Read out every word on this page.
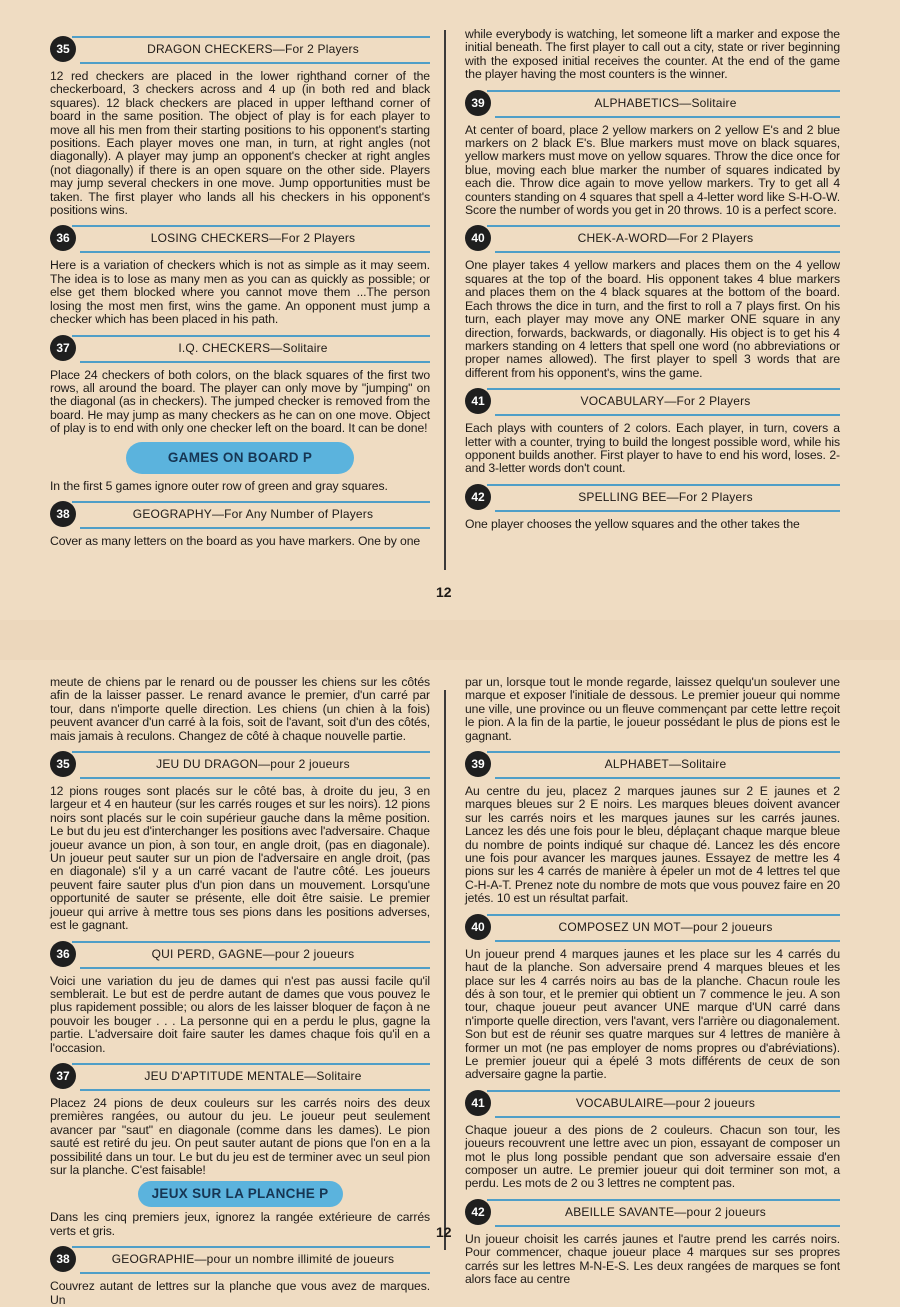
35	DRAGON CHECKERS—For 2 Players

12 red checkers are placed in the lower righthand corner of the checkerboard, 3 checkers across and 4 up (in both red and black squares). 12 black checkers are placed in upper lefthand corner of board in the same position. The object of play is for each player to move all his men from their starting positions to his opponent's starting positions. Each player moves one man, in turn, at right angles (not diagonally). A player may jump an opponent's checker at right angles (not diagonally) if there is an open square on the other side. Players may jump several checkers in one move. Jump opportunities must be taken. The first player who lands all his checkers in his opponent's positions wins.

36	LOSING CHECKERS—For 2 Players

Here is a variation of checkers which is not as simple as it may seem. The idea is to lose as many men as you can as quickly as possible; or else get them blocked where you cannot move them ...The person losing the most men first, wins the game. An opponent must jump a checker which has been placed in his path.

37	I.Q. CHECKERS—Solitaire

Place 24 checkers of both colors, on the black squares of the first two rows, all around the board. The player can only move by "jumping" on the diagonal (as in checkers). The jumped checker is removed from the board. He may jump as many checkers as he can on one move. Object of play is to end with only one checker left on the board. It can be done!

GAMES ON BOARD P

In the first 5 games ignore outer row of green and gray squares.

38	GEOGRAPHY—For Any Number of Players

Cover as many letters on the board as you have markers. One by one

12

while everybody is watching, let someone lift a marker and expose the initial beneath. The first player to call out a city, state or river beginning with the exposed initial receives the counter. At the end of the game the player having the most counters is the winner.

39	ALPHABETICS—Solitaire

At center of board, place 2 yellow markers on 2 yellow E's and 2 blue markers on 2 black E's. Blue markers must move on black squares, yellow markers must move on yellow squares. Throw the dice once for blue, moving each blue marker the number of squares indicated by each die. Throw dice again to move yellow markers. Try to get all 4 counters standing on 4 squares that spell a 4-letter word like S-H-O-W. Score the number of words you get in 20 throws. 10 is a perfect score.

40	CHEK-A-WORD—For 2 Players

One player takes 4 yellow markers and places them on the 4 yellow squares at the top of the board. His opponent takes 4 blue markers and places them on the 4 black squares at the bottom of the board. Each throws the dice in turn, and the first to roll a 7 plays first. On his turn, each player may move any ONE marker ONE square in any direction, forwards, backwards, or diagonally. His object is to get his 4 markers standing on 4 letters that spell one word (no abbreviations or proper names allowed). The first player to spell 3 words that are different from his opponent's, wins the game.

41	VOCABULARY—For 2 Players

Each plays with counters of 2 colors. Each player, in turn, covers a letter with a counter, trying to build the longest possible word, while his opponent builds another. First player to have to end his word, loses. 2-and 3-letter words don't count.

42	SPELLING BEE—For 2 Players

One player chooses the yellow squares and the other takes the

meute de chiens par le renard ou de pousser les chiens sur les côtés afin de la laisser passer. Le renard avance le premier, d'un carré par tour, dans n'importe quelle direction. Les chiens (un chien à la fois) peuvent avancer d'un carré à la fois, soit de l'avant, soit d'un des côtés, mais jamais à reculons. Changez de côté à chaque nouvelle partie.

35	JEU DU DRAGON—pour 2 joueurs

12 pions rouges sont placés sur le côté bas, à droite du jeu, 3 en largeur et 4 en hauteur (sur les carrés rouges et sur les noirs). 12 pions noirs sont placés sur le coin supérieur gauche dans la même position. Le but du jeu est d'interchanger les positions avec l'adversaire. Chaque joueur avance un pion, à son tour, en angle droit, (pas en diagonale). Un joueur peut sauter sur un pion de l'adversaire en angle droit, (pas en diagonale) s'il y a un carré vacant de l'autre côté. Les joueurs peuvent faire sauter plus d'un pion dans un mouvement. Lorsqu'une opportunité de sauter se présente, elle doit être saisie. Le premier joueur qui arrive à mettre tous ses pions dans les positions adverses, est le gagnant.

36	QUI PERD, GAGNE—pour 2 joueurs

Voici une variation du jeu de dames qui n'est pas aussi facile qu'il semblerait. Le but est de perdre autant de dames que vous pouvez le plus rapidement possible; ou alors de les laisser bloquer de façon à ne pouvoir les bouger . . . La personne qui en a perdu le plus, gagne la partie. L'adversaire doit faire sauter les dames chaque fois qu'il en a l'occasion.

37	JEU D'APTITUDE MENTALE—Solitaire

Placez 24 pions de deux couleurs sur les carrés noirs des deux premières rangées, ou autour du jeu. Le joueur peut seulement avancer par "saut" en diagonale (comme dans les dames). Le pion sauté est retiré du jeu. On peut sauter autant de pions que l'on en a la possibilité dans un tour. Le but du jeu est de terminer avec un seul pion sur la planche. C'est faisable!

JEUX SUR LA PLANCHE P

Dans les cinq premiers jeux, ignorez la rangée extérieure de carrés verts et gris.

38	GEOGRAPHIE—pour un nombre illimité de joueurs

Couvrez autant de lettres sur la planche que vous avez de marques. Un

12

par un, lorsque tout le monde regarde, laissez quelqu'un soulever une marque et exposer l'initiale de dessous. Le premier joueur qui nomme une ville, une province ou un fleuve commençant par cette lettre reçoit le pion. A la fin de la partie, le joueur possédant le plus de pions est le gagnant.

39	ALPHABET—Solitaire

Au centre du jeu, placez 2 marques jaunes sur 2 E jaunes et 2 marques bleues sur 2 E noirs. Les marques bleues doivent avancer sur les carrés noirs et les marques jaunes sur les carrés jaunes. Lancez les dés une fois pour le bleu, déplaçant chaque marque bleue du nombre de points indiqué sur chaque dé. Lancez les dés encore une fois pour avancer les marques jaunes. Essayez de mettre les 4 pions sur les 4 carrés de manière à épeler un mot de 4 lettres tel que C-H-A-T. Prenez note du nombre de mots que vous pouvez faire en 20 jetés. 10 est un résultat parfait.

40	COMPOSEZ UN MOT—pour 2 joueurs

Un joueur prend 4 marques jaunes et les place sur les 4 carrés du haut de la planche. Son adversaire prend 4 marques bleues et les place sur les 4 carrés noirs au bas de la planche. Chacun roule les dés à son tour, et le premier qui obtient un 7 commence le jeu. A son tour, chaque joueur peut avancer UNE marque d'UN carré dans n'importe quelle direction, vers l'avant, vers l'arrière ou diagonalement. Son but est de réunir ses quatre marques sur 4 lettres de manière à former un mot (ne pas employer de noms propres ou d'abréviations). Le premier joueur qui a épelé 3 mots différents de ceux de son adversaire gagne la partie.

41	VOCABULAIRE—pour 2 joueurs

Chaque joueur a des pions de 2 couleurs. Chacun son tour, les joueurs recouvrent une lettre avec un pion, essayant de composer un mot le plus long possible pendant que son adversaire essaie d'en composer un autre. Le premier joueur qui doit terminer son mot, a perdu. Les mots de 2 ou 3 lettres ne comptent pas.

42	ABEILLE SAVANTE—pour 2 joueurs

Un joueur choisit les carrés jaunes et l'autre prend les carrés noirs. Pour commencer, chaque joueur place 4 marques sur ses propres carrés sur les lettres M-N-E-S. Les deux rangées de marques se font alors face au centre
